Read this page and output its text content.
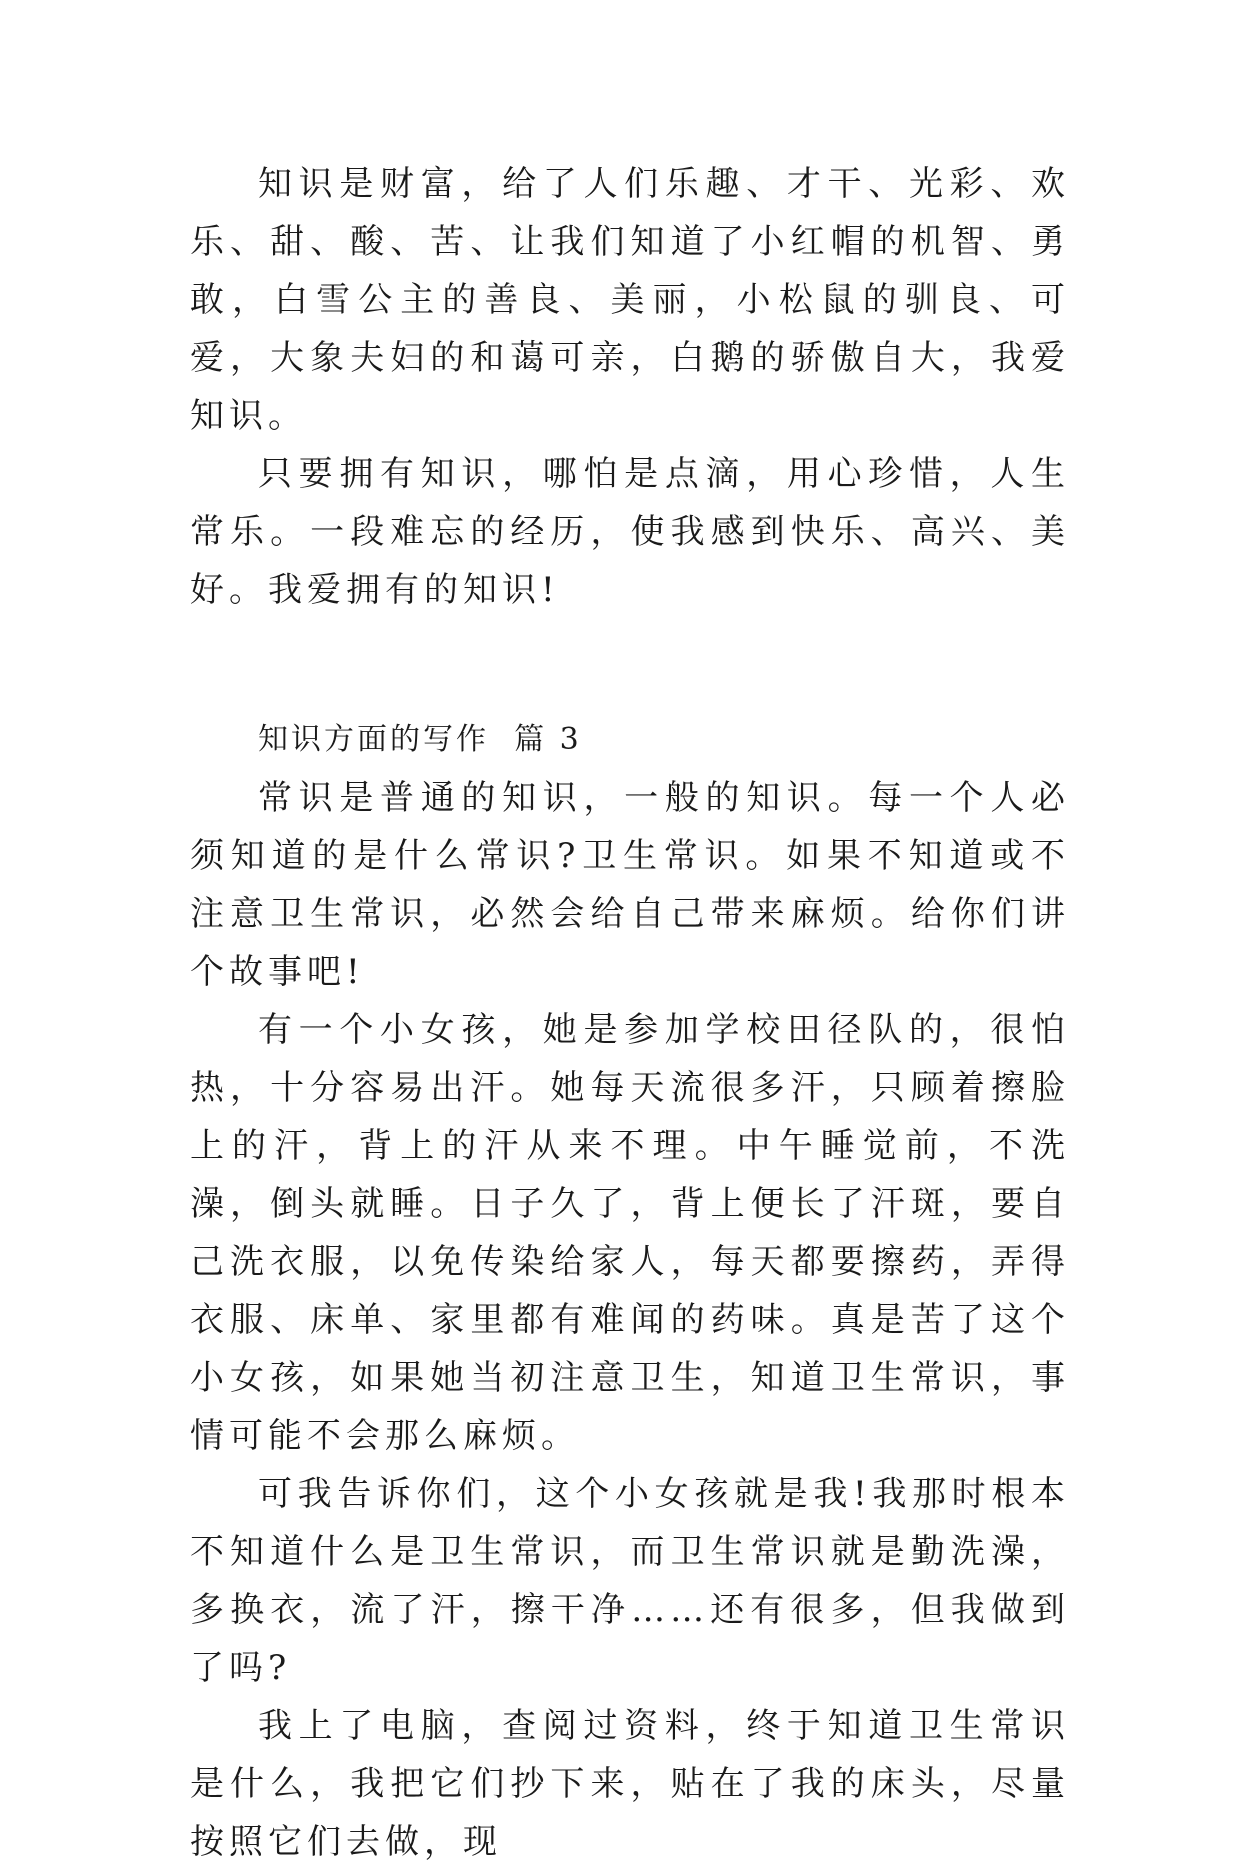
知识是财富，给了人们乐趣、才干、光彩、欢乐、甜、酸、苦、让我们知道了小红帽的机智、勇敢，白雪公主的善良、美丽，小松鼠的驯良、可爱，大象夫妇的和蔼可亲，白鹅的骄傲自大，我爱知识。

只要拥有知识，哪怕是点滴，用心珍惜，人生常乐。一段难忘的经历，使我感到快乐、高兴、美好。我爱拥有的知识!

知识方面的写作 篇 3

常识是普通的知识，一般的知识。每一个人必须知道的是什么常识?卫生常识。如果不知道或不注意卫生常识，必然会给自己带来麻烦。给你们讲个故事吧!

有一个小女孩，她是参加学校田径队的，很怕热，十分容易出汗。她每天流很多汗，只顾着擦脸上的汗，背上的汗从来不理。中午睡觉前，不洗澡，倒头就睡。日子久了，背上便长了汗斑，要自己洗衣服，以免传染给家人，每天都要擦药，弄得衣服、床单、家里都有难闻的药味。真是苦了这个小女孩，如果她当初注意卫生，知道卫生常识，事情可能不会那么麻烦。

可我告诉你们，这个小女孩就是我!我那时根本不知道什么是卫生常识，而卫生常识就是勤洗澡，多换衣，流了汗，擦干净……还有很多，但我做到了吗?

我上了电脑，查阅过资料，终于知道卫生常识是什么，我把它们抄下来，贴在了我的床头，尽量按照它们去做，现
